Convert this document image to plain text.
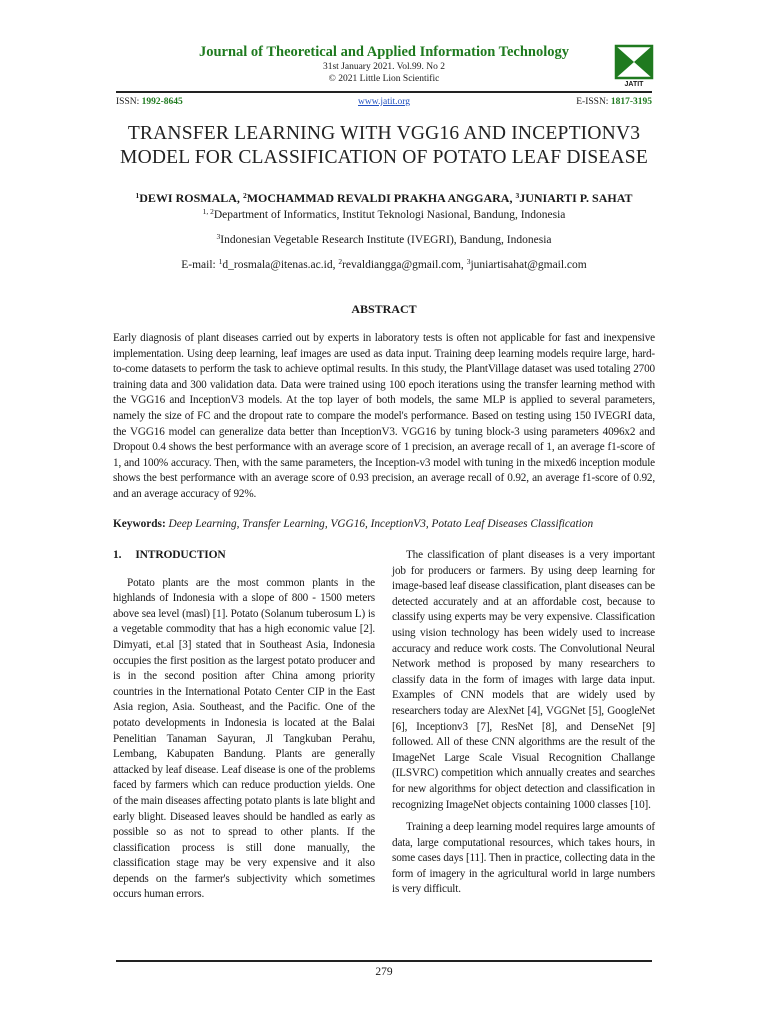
Journal of Theoretical and Applied Information Technology
31st January 2021. Vol.99. No 2
© 2021 Little Lion Scientific
JATIT
ISSN: 1992-8645	www.jatit.org	E-ISSN: 1817-3195
TRANSFER LEARNING WITH VGG16 AND INCEPTIONV3
MODEL FOR CLASSIFICATION OF POTATO LEAF DISEASE
$^1$DEWI ROSMALA, $^2$MOCHAMMAD REVALDI PRAKHA ANGGARA, $^3$JUNIARTI P. SAHAT
$^{1, 2}$Department of Informatics, Institut Teknologi Nasional, Bandung, Indonesia
$^3$Indonesian Vegetable Research Institute (IVEGRI), Bandung, Indonesia
E-mail: $^1$d_rosmala@itenas.ac.id, $^2$revaldiangga@gmail.com, $^3$juniartisahat@gmail.com
ABSTRACT
Early diagnosis of plant diseases carried out by experts in laboratory tests is often not applicable for fast and inexpensive implementation. Using deep learning, leaf images are used as data input. Training deep learning models require large, hard-to-come datasets to perform the task to achieve optimal results. In this study, the PlantVillage dataset was used totaling 2700 training data and 300 validation data. Data were trained using 100 epoch iterations using the transfer learning method with the VGG16 and InceptionV3 models. At the top layer of both models, the same MLP is applied to several parameters, namely the size of FC and the dropout rate to compare the model's performance. Based on testing using 150 IVEGRI data, the VGG16 model can generalize data better than InceptionV3. VGG16 by tuning block-3 using parameters 4096x2 and Dropout 0.4 shows the best performance with an average score of 1 precision, an average recall of 1, an average f1-score of 1, and 100% accuracy. Then, with the same parameters, the Inception-v3 model with tuning in the mixed6 inception module shows the best performance with an average score of 0.93 precision, an average recall of 0.92, an average f1-score of 0.92, and an average accuracy of 92%.
Keywords: Deep Learning, Transfer Learning, VGG16, InceptionV3, Potato Leaf Diseases Classification
1. INTRODUCTION

Potato plants are the most common plants in the highlands of Indonesia with a slope of 800 - 1500 meters above sea level (masl) [1]. Potato (Solanum tuberosum L) is a vegetable commodity that has a high economic value [2]. Dimyati, et.al [3] stated that in Southeast Asia, Indonesia occupies the first position as the largest potato producer and is in the second position after China among priority countries in the International Potato Center CIP in the East Asia region, Asia. Southeast, and the Pacific. One of the potato developments in Indonesia is located at the Balai Penelitian Tanaman Sayuran, Jl Tangkuban Perahu, Lembang, Kabupaten Bandung. Plants are generally attacked by leaf disease. Leaf disease is one of the problems faced by farmers which can reduce production yields. One of the main diseases affecting potato plants is late blight and early blight. Diseased leaves should be handled as early as possible so as not to spread to other plants. If the classification process is still done manually, the classification stage may be very expensive and it also depends on the farmer's subjectivity which sometimes occurs human errors.

The classification of plant diseases is a very important job for producers or farmers. By using deep learning for image-based leaf disease classification, plant diseases can be detected accurately and at an affordable cost, because to classify using experts may be very expensive. Classification using vision technology has been widely used to increase accuracy and reduce work costs. The Convolutional Neural Network method is proposed by many researchers to classify data in the form of images with large data input. Examples of CNN models that are widely used by researchers today are AlexNet [4], VGGNet [5], GoogleNet [6], Inceptionv3 [7], ResNet [8], and DenseNet [9] followed. All of these CNN algorithms are the result of the ImageNet Large Scale Visual Recognition Challange (ILSVRC) competition which annually creates and searches for new algorithms for object detection and classification in recognizing ImageNet objects containing 1000 classes [10].

Training a deep learning model requires large amounts of data, large computational resources, which takes hours, in some cases days [11]. Then in practice, collecting data in the form of imagery in the agricultural world in large numbers is very difficult.

279
